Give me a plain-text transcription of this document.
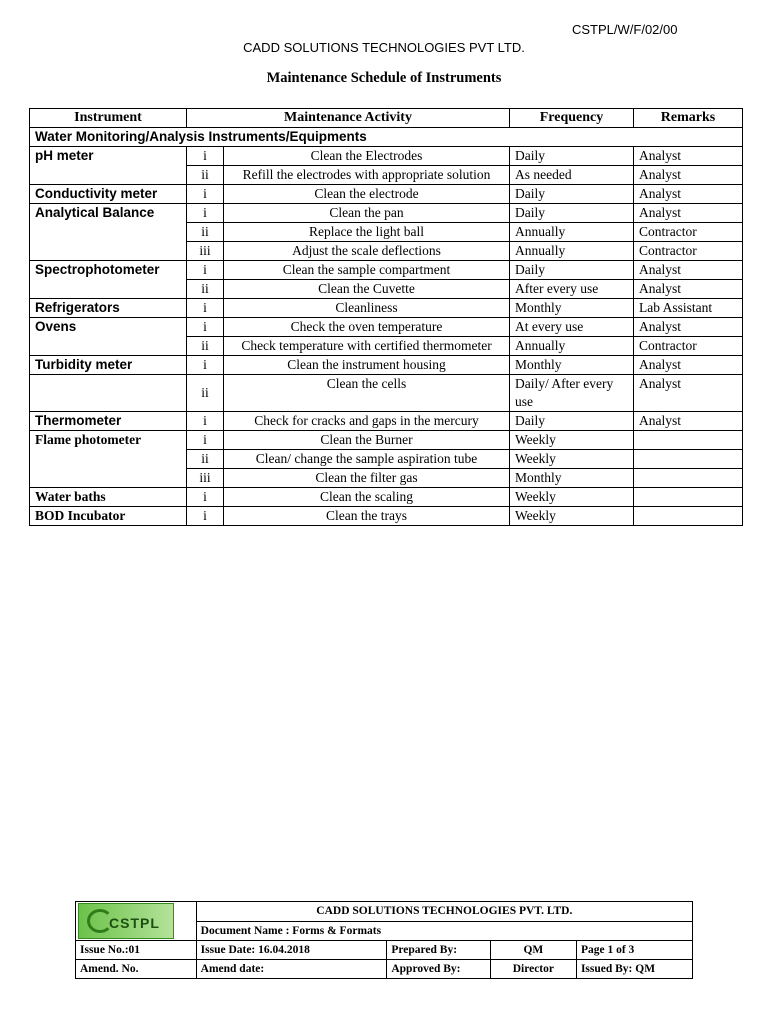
CSTPL/W/F/02/00
CADD SOLUTIONS TECHNOLOGIES PVT LTD.
Maintenance Schedule of Instruments
Instrument	Maintenance Activity		Frequency	Remarks
Water Monitoring/Analysis Instruments/Equipments				
pH meter	i	Clean the Electrodes	Daily	Analyst
	ii	Refill the electrodes with appropriate solution	As needed	Analyst
Conductivity meter	i	Clean the electrode	Daily	Analyst
Analytical Balance	i	Clean the pan	Daily	Analyst
	ii	Replace the light ball	Annually	Contractor
	iii	Adjust the scale deflections	Annually	Contractor
Spectrophotometer	i	Clean the sample compartment	Daily	Analyst
	ii	Clean the Cuvette	After every use	Analyst
Refrigerators	i	Cleanliness	Monthly	Lab Assistant
Ovens	i	Check the oven temperature	At every use	Analyst
	ii	Check temperature with certified thermometer	Annually	Contractor
Turbidity meter	i	Clean the instrument housing	Monthly	Analyst
	ii	Clean the cells	Daily/ After every use	Analyst
Thermometer	i	Check for cracks and gaps in the mercury	Daily	Analyst
Flame photometer	i	Clean the Burner	Weekly	
	ii	Clean/ change the sample aspiration tube	Weekly	
	iii	Clean the filter gas	Monthly	
Water baths	i	Clean the scaling	Weekly	
BOD Incubator	i	Clean the trays	Weekly	
CSTPL	CADD SOLUTIONS TECHNOLOGIES PVT. LTD.			
	Document Name : Forms & Formats			
Issue No.:01	Issue Date: 16.04.2018	Prepared By:	QM	Page 1 of 3
Amend. No.	Amend date:	Approved By:	Director	Issued By: QM
